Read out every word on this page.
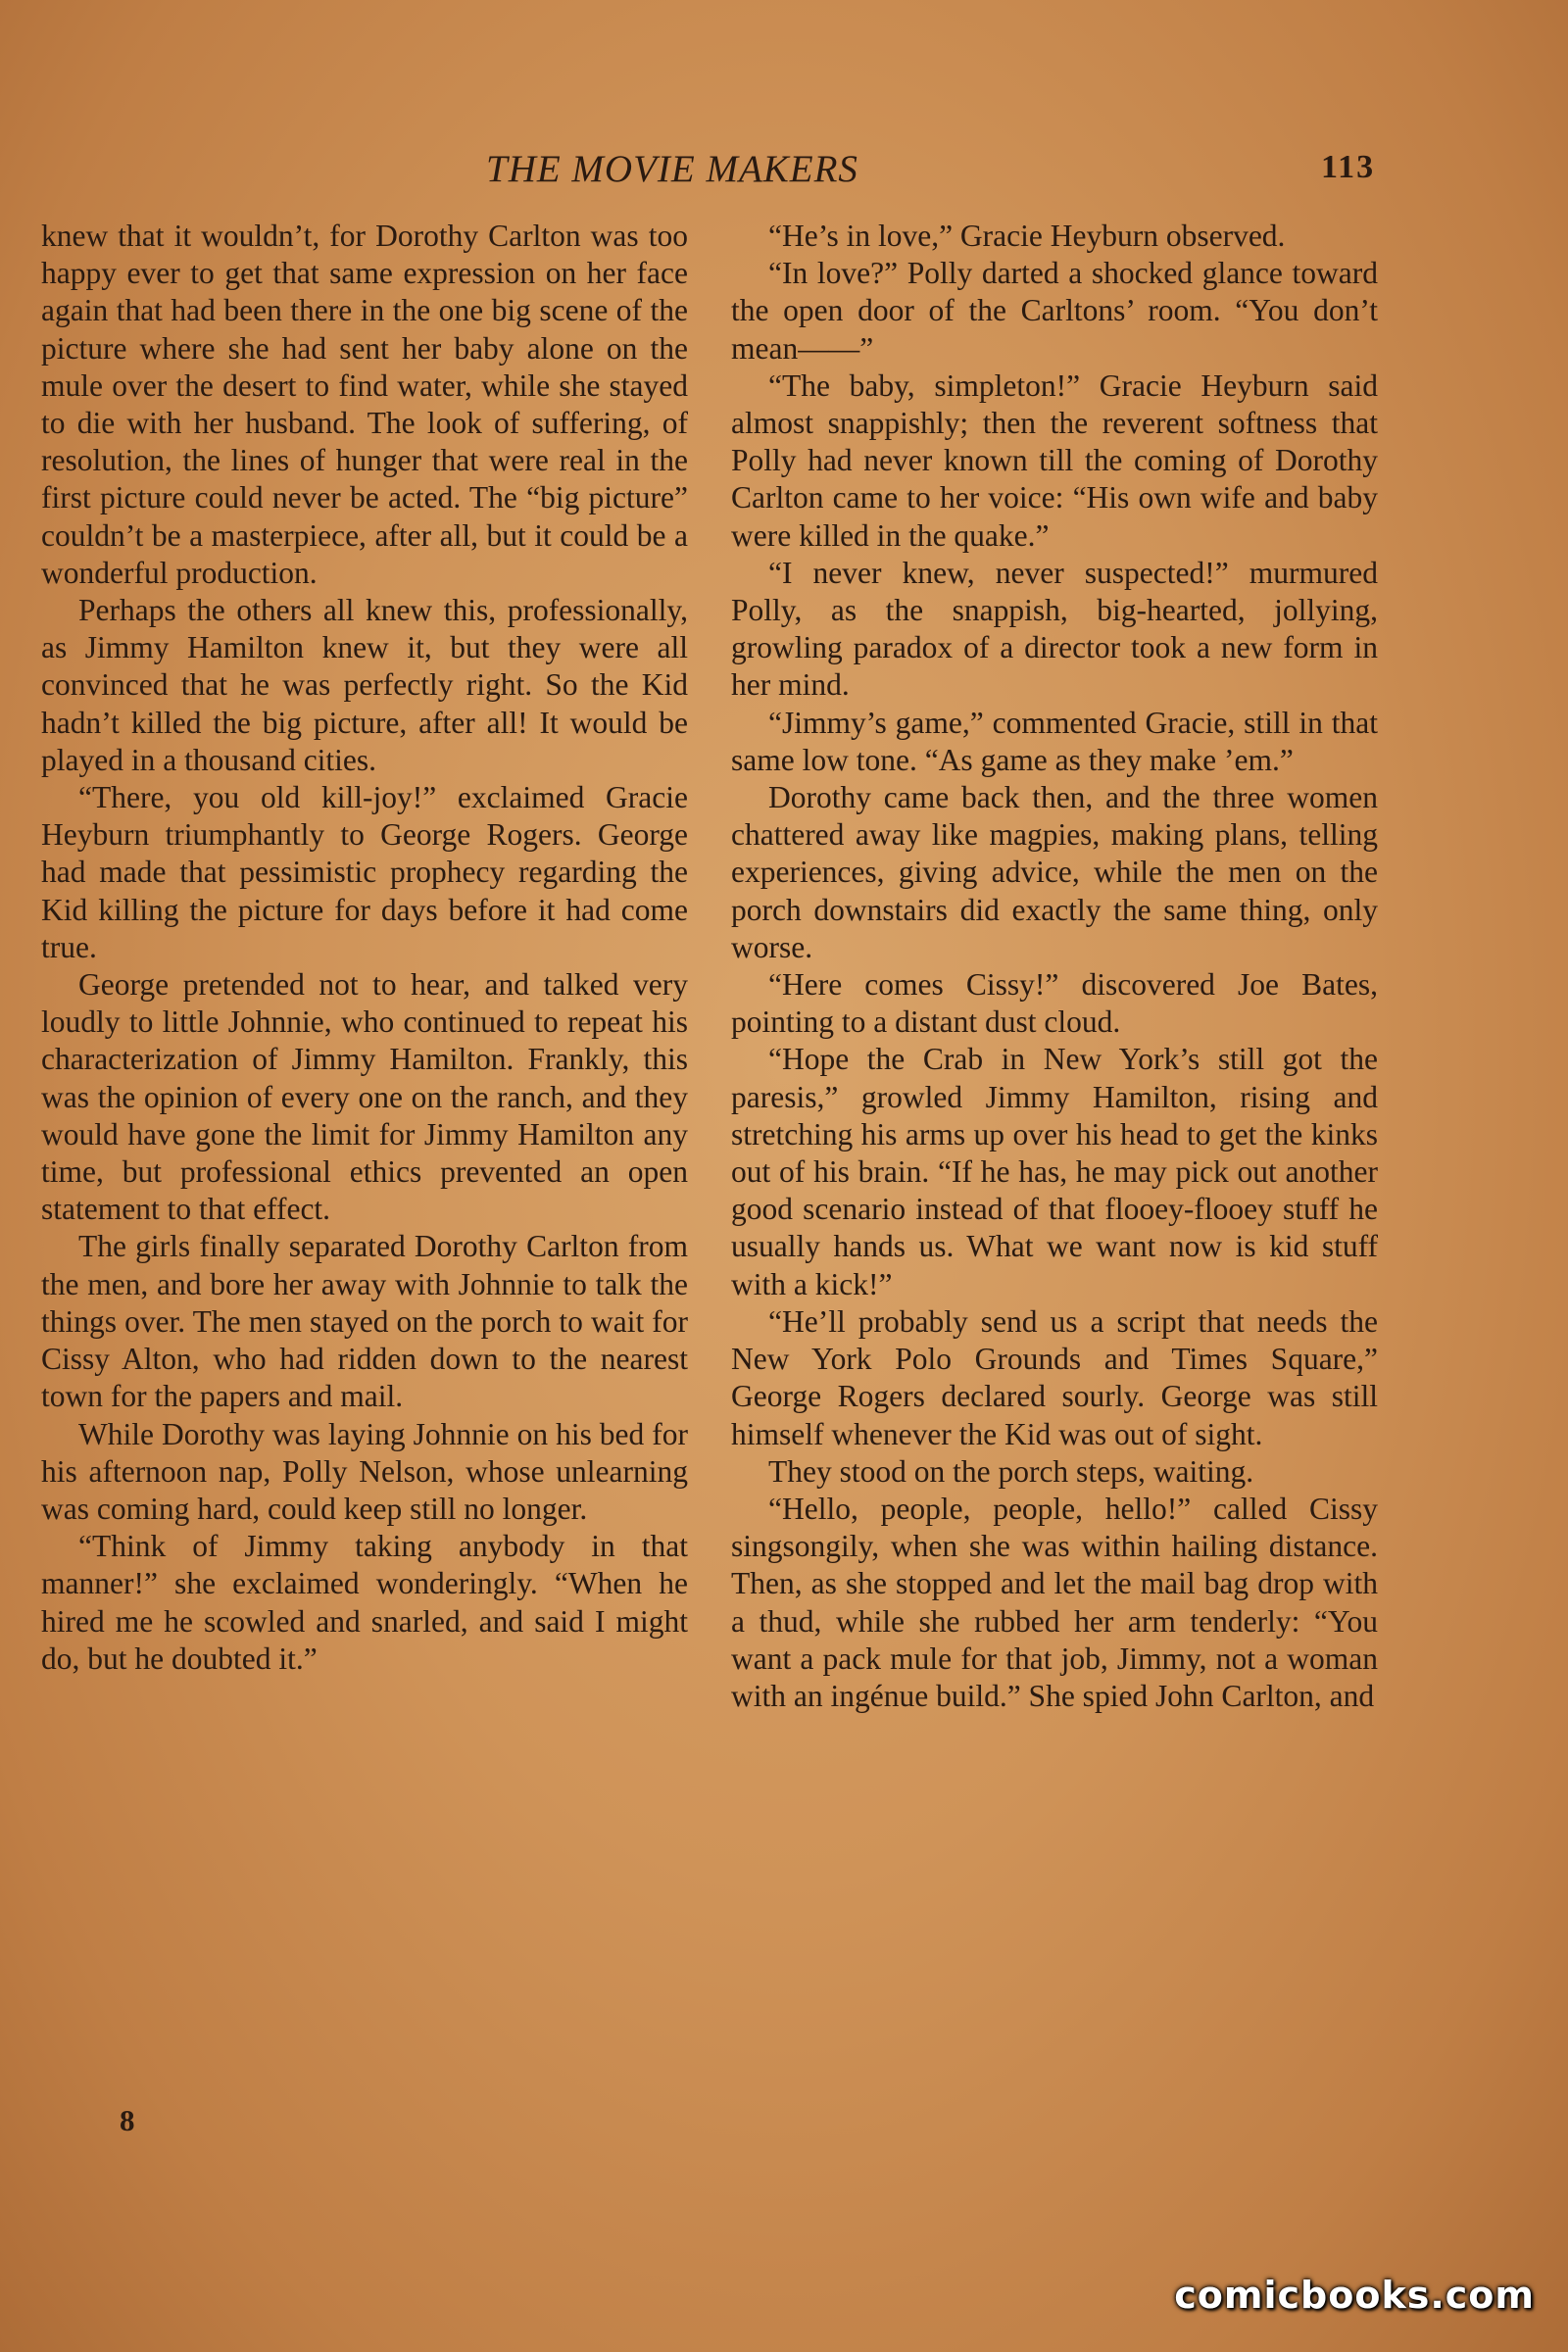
THE MOVIE MAKERS	113

knew that it wouldn’t, for Dorothy Carlton was too happy ever to get that same expression on her face again that had been there in the one big scene of the picture where she had sent her baby alone on the mule over the desert to find water, while she stayed to die with her husband. The look of suffering, of resolution, the lines of hunger that were real in the first picture could never be acted. The “big picture” couldn’t be a masterpiece, after all, but it could be a wonderful production.

Perhaps the others all knew this, professionally, as Jimmy Hamilton knew it, but they were all convinced that he was perfectly right. So the Kid hadn’t killed the big picture, after all! It would be played in a thousand cities.

“There, you old kill-joy!” exclaimed Gracie Heyburn triumphantly to George Rogers. George had made that pessimistic prophecy regarding the Kid killing the picture for days before it had come true.

George pretended not to hear, and talked very loudly to little Johnnie, who continued to repeat his characterization of Jimmy Hamilton. Frankly, this was the opinion of every one on the ranch, and they would have gone the limit for Jimmy Hamilton any time, but professional ethics prevented an open statement to that effect.

The girls finally separated Dorothy Carlton from the men, and bore her away with Johnnie to talk the things over. The men stayed on the porch to wait for Cissy Alton, who had ridden down to the nearest town for the papers and mail.

While Dorothy was laying Johnnie on his bed for his afternoon nap, Polly Nelson, whose unlearning was coming hard, could keep still no longer.

“Think of Jimmy taking anybody in that manner!” she exclaimed wonderingly. “When he hired me he scowled and snarled, and said I might do, but he doubted it.”

8

“He’s in love,” Gracie Heyburn observed.

“In love?” Polly darted a shocked glance toward the open door of the Carltons’ room. “You don’t mean——”

“The baby, simpleton!” Gracie Heyburn said almost snappishly; then the reverent softness that Polly had never known till the coming of Dorothy Carlton came to her voice: “His own wife and baby were killed in the quake.”

“I never knew, never suspected!” murmured Polly, as the snappish, big-hearted, jollying, growling paradox of a director took a new form in her mind.

“Jimmy’s game,” commented Gracie, still in that same low tone. “As game as they make ’em.”

Dorothy came back then, and the three women chattered away like magpies, making plans, telling experiences, giving advice, while the men on the porch downstairs did exactly the same thing, only worse.

“Here comes Cissy!” discovered Joe Bates, pointing to a distant dust cloud.

“Hope the Crab in New York’s still got the paresis,” growled Jimmy Hamilton, rising and stretching his arms up over his head to get the kinks out of his brain. “If he has, he may pick out another good scenario instead of that flooey-flooey stuff he usually hands us. What we want now is kid stuff with a kick!”

“He’ll probably send us a script that needs the New York Polo Grounds and Times Square,” George Rogers declared sourly. George was still himself whenever the Kid was out of sight.

They stood on the porch steps, waiting.

“Hello, people, people, hello!” called Cissy singsongily, when she was within hailing distance. Then, as she stopped and let the mail bag drop with a thud, while she rubbed her arm tenderly: “You want a pack mule for that job, Jimmy, not a woman with an ingénue build.” She spied John Carlton, and

comicbooks.com
